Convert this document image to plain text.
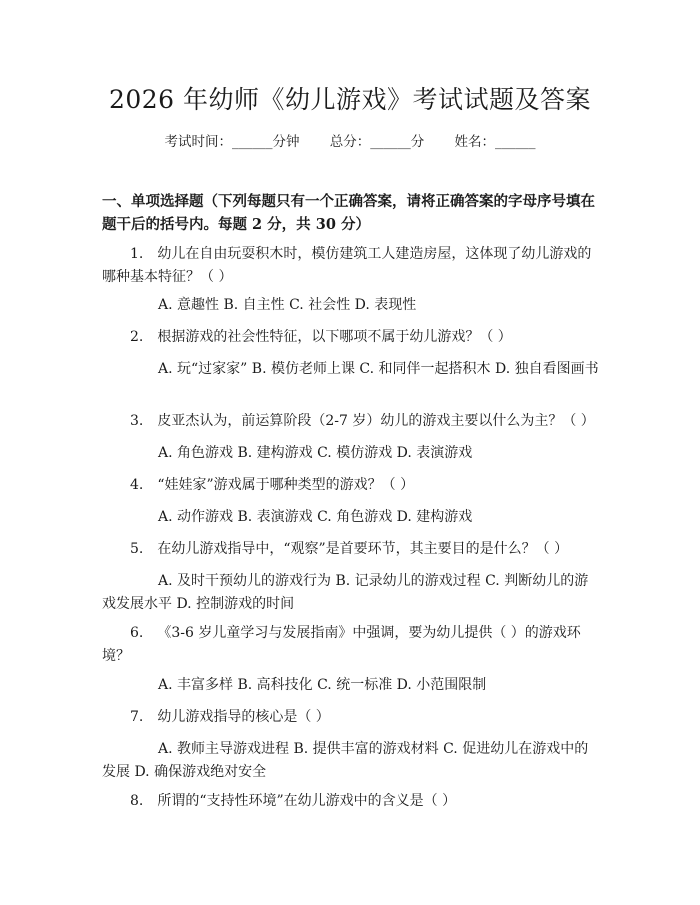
2026 年幼师《幼儿游戏》考试试题及答案
考试时间：______分钟 总分：______分 姓名：______
一、单项选择题（下列每题只有一个正确答案，请将正确答案的字母序号填在题干后的括号内。每题 2 分，共 30 分）
1. 幼儿在自由玩耍积木时，模仿建筑工人建造房屋，这体现了幼儿游戏的哪种基本特征？（ ）
A. 意趣性 B. 自主性 C. 社会性 D. 表现性
2. 根据游戏的社会性特征，以下哪项不属于幼儿游戏？（ ）
A. 玩“过家家” B. 模仿老师上课 C. 和同伴一起搭积木 D. 独自看图画书
3. 皮亚杰认为，前运算阶段（2-7 岁）幼儿的游戏主要以什么为主？（ ）
A. 角色游戏 B. 建构游戏 C. 模仿游戏 D. 表演游戏
4. “娃娃家”游戏属于哪种类型的游戏？（ ）
A. 动作游戏 B. 表演游戏 C. 角色游戏 D. 建构游戏
5. 在幼儿游戏指导中，“观察”是首要环节，其主要目的是什么？（ ）
A. 及时干预幼儿的游戏行为 B. 记录幼儿的游戏过程 C. 判断幼儿的游戏发展水平 D. 控制游戏的时间
6. 《3-6 岁儿童学习与发展指南》中强调，要为幼儿提供（ ）的游戏环境？
A. 丰富多样 B. 高科技化 C. 统一标准 D. 小范围限制
7. 幼儿游戏指导的核心是（ ）
A. 教师主导游戏进程 B. 提供丰富的游戏材料 C. 促进幼儿在游戏中的发展 D. 确保游戏绝对安全
8. 所谓的“支持性环境”在幼儿游戏中的含义是（ ）
